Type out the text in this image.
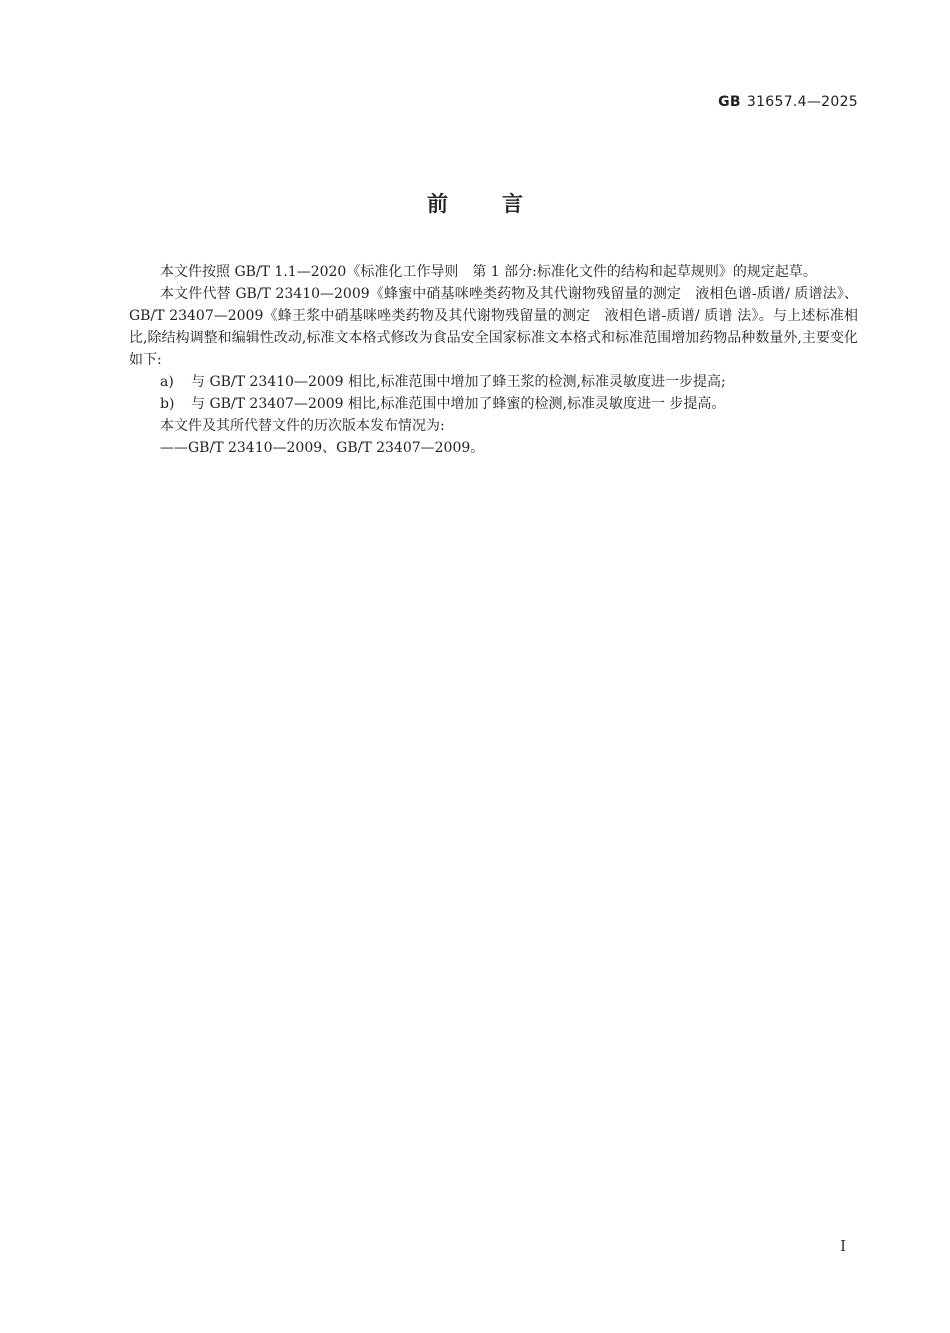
GB 31657.4—2025
前言

本文件按照 GB/T 1.1—2020《标准化工作导则　第 1 部分:标准化文件的结构和起草规则》的规定起草。

本文件代替 GB/T 23410—2009《蜂蜜中硝基咪唑类药物及其代谢物残留量的测定　液相色谱-质谱/ 质谱法》、GB/T 23407—2009《蜂王浆中硝基咪唑类药物及其代谢物残留量的测定　液相色谱-质谱/ 质谱 法》。与上述标准相比,除结构调整和编辑性改动,标准文本格式修改为食品安全国家标准文本格式和标准范围增加药物品种数量外,主要变化如下:

a) 与 GB/T 23410—2009 相比,标准范围中增加了蜂王浆的检测,标准灵敏度进一步提高;

b) 与 GB/T 23407—2009 相比,标准范围中增加了蜂蜜的检测,标准灵敏度进一 步提高。

本文件及其所代替文件的历次版本发布情况为:

——GB/T 23410—2009、GB/T 23407—2009。

I
